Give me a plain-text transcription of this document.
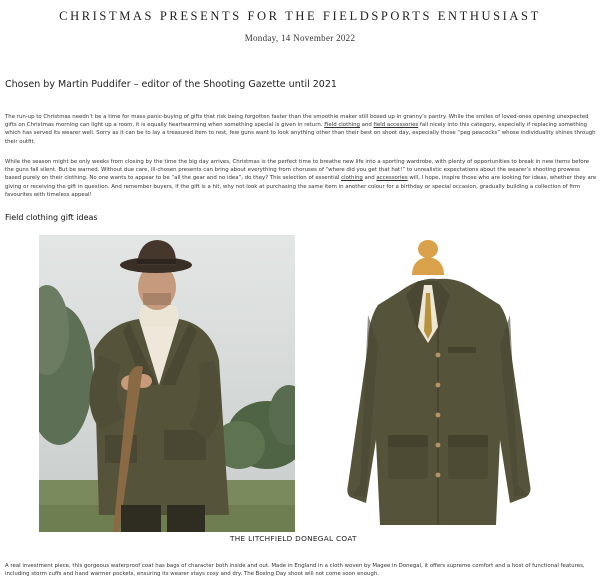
CHRISTMAS PRESENTS FOR THE FIELDSPORTS ENTHUSIAST
Monday, 14 November 2022
Chosen by Martin Puddifer – editor of the Shooting Gazette until 2021
The run-up to Christmas needn’t be a time for mass panic-buying of gifts that risk being forgotten faster than the smoothie maker still boxed up in granny’s pantry. While the smiles of loved-ones opening unexpected gifts on Christmas morning can light up a room, it is equally heartwarming when something special is given in return. Field clothing and field accessories fall nicely into this category, especially if replacing something which has served its wearer well. Sorry as it can be to lay a treasured item to rest, few guns want to look anything other than their best on shoot day, especially those “peg peacocks” whose individuality shines through their outfit.
While the season might be only weeks from closing by the time the big day arrives, Christmas is the perfect time to breathe new life into a sporting wardrobe, with plenty of opportunities to break in new items before the guns fall silent. But be warned. Without due care, ill-chosen presents can bring about everything from choruses of “where did you get that hat!” to unrealistic expectations about the wearer’s shooting prowess based purely on their clothing. No one wants to appear to be “all the gear and no idea”, do they? This selection of essential clothing and accessories will, I hope, inspire those who are looking for ideas, whether they are giving or receiving the gift in question. And remember buyers, if the gift is a hit, why not look at purchasing the same item in another colour for a birthday or special occasion, gradually building a collection of firm favourites with timeless appeal!
Field clothing gift ideas
THE LITCHFIELD DONEGAL COAT
A real investment piece, this gorgeous waterproof coat has bags of character both inside and out. Made in England in a cloth woven by Magee in Donegal, it offers supreme comfort and a host of functional features, including storm cuffs and hand warmer pockets, ensuring its wearer stays cosy and dry. The Boxing Day shoot will not come soon enough.
